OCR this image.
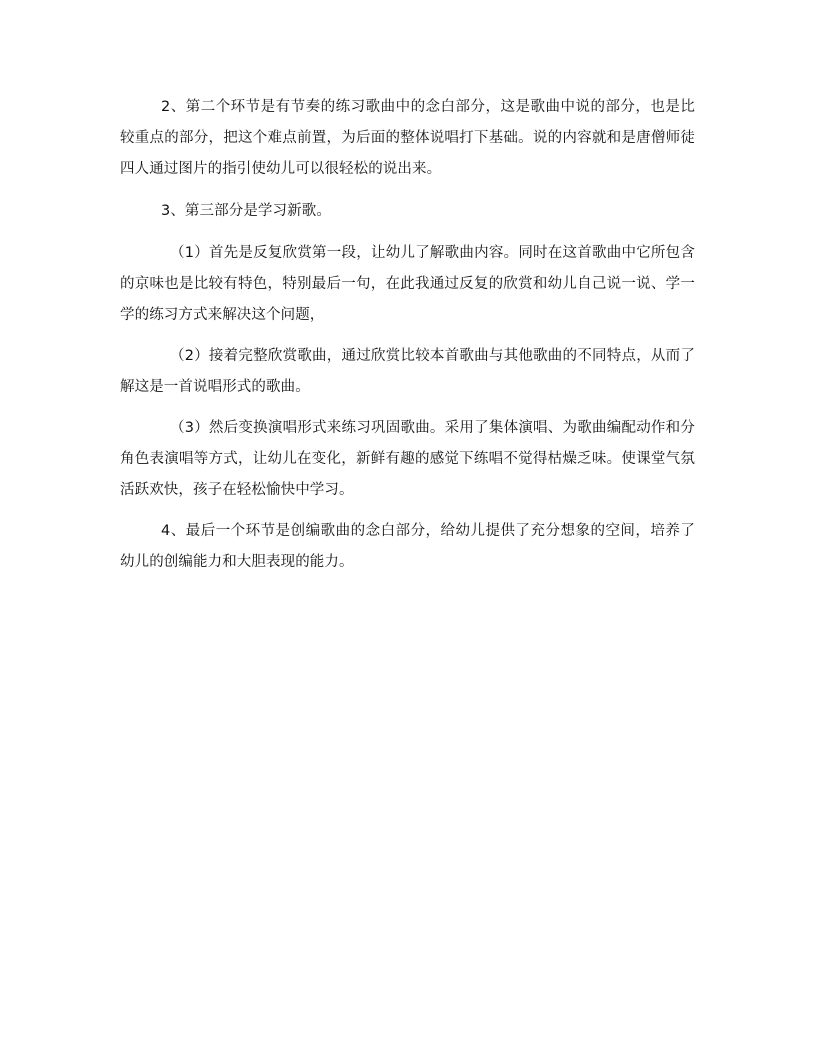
2、第二个环节是有节奏的练习歌曲中的念白部分，这是歌曲中说的部分，也是比较重点的部分，把这个难点前置，为后面的整体说唱打下基础。说的内容就和是唐僧师徒四人通过图片的指引使幼儿可以很轻松的说出来。

3、第三部分是学习新歌。

（1）首先是反复欣赏第一段，让幼儿了解歌曲内容。同时在这首歌曲中它所包含的京味也是比较有特色，特别最后一句，在此我通过反复的欣赏和幼儿自己说一说、学一学的练习方式来解决这个问题，

（2）接着完整欣赏歌曲，通过欣赏比较本首歌曲与其他歌曲的不同特点，从而了解这是一首说唱形式的歌曲。

（3）然后变换演唱形式来练习巩固歌曲。采用了集体演唱、为歌曲编配动作和分角色表演唱等方式，让幼儿在变化，新鲜有趣的感觉下练唱不觉得枯燥乏味。使课堂气氛活跃欢快，孩子在轻松愉快中学习。

4、最后一个环节是创编歌曲的念白部分，给幼儿提供了充分想象的空间，培养了幼儿的创编能力和大胆表现的能力。
